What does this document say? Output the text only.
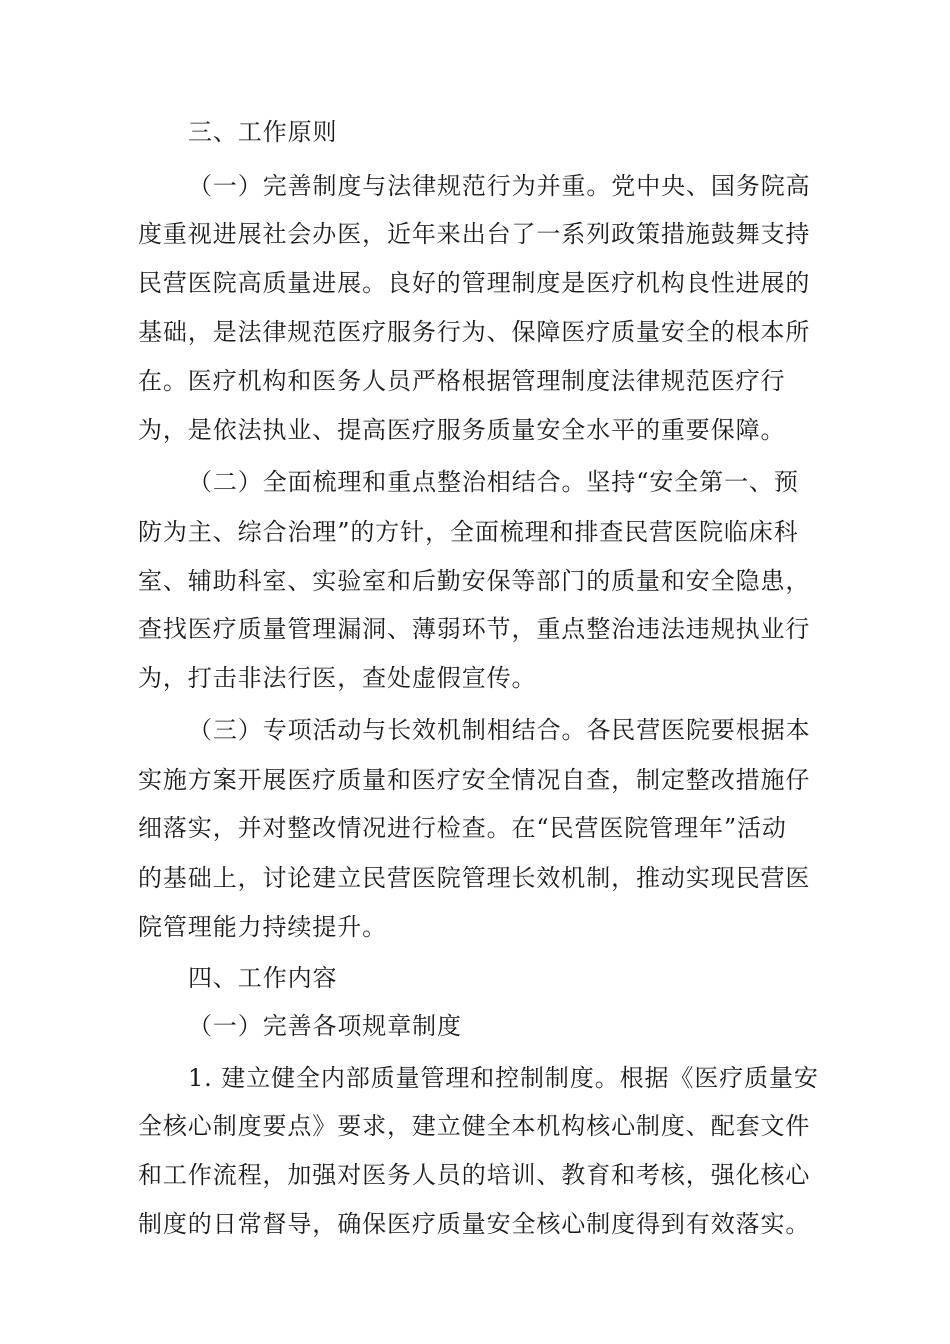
三、工作原则
（一）完善制度与法律规范行为并重。党中央、国务院高
度重视进展社会办医，近年来出台了一系列政策措施鼓舞支持
民营医院高质量进展。良好的管理制度是医疗机构良性进展的
基础，是法律规范医疗服务行为、保障医疗质量安全的根本所
在。医疗机构和医务人员严格根据管理制度法律规范医疗行
为，是依法执业、提高医疗服务质量安全水平的重要保障。
（二）全面梳理和重点整治相结合。坚持“安全第一、预
防为主、综合治理”的方针，全面梳理和排查民营医院临床科
室、辅助科室、实验室和后勤安保等部门的质量和安全隐患，
查找医疗质量管理漏洞、薄弱环节，重点整治违法违规执业行
为，打击非法行医，查处虚假宣传。
（三）专项活动与长效机制相结合。各民营医院要根据本
实施方案开展医疗质量和医疗安全情况自查，制定整改措施仔
细落实，并对整改情况进行检查。在“民营医院管理年”活动
的基础上，讨论建立民营医院管理长效机制，推动实现民营医
院管理能力持续提升。
四、工作内容
（一）完善各项规章制度
1. 建立健全内部质量管理和控制制度。根据《医疗质量安
全核心制度要点》要求，建立健全本机构核心制度、配套文件
和工作流程，加强对医务人员的培训、教育和考核，强化核心
制度的日常督导，确保医疗质量安全核心制度得到有效落实。
